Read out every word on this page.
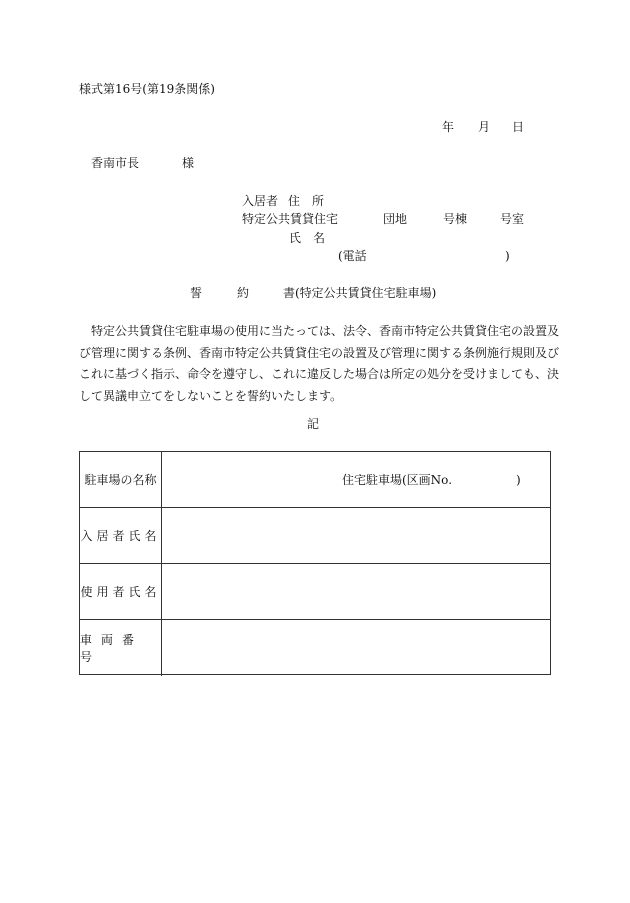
様式第16号(第19条関係)
年 月 日
香南市長	様
入居者 住　所
特定公共賃貸住宅	団地	号棟	号室
氏　名
(電話	)
誓	約	書(特定公共賃貸住宅駐車場)
特定公共賃貸住宅駐車場の使用に当たっては、法令、香南市特定公共賃貸住宅の設置及
び管理に関する条例、香南市特定公共賃貸住宅の設置及び管理に関する条例施行規則及び
これに基づく指示、命令を遵守し、これに違反した場合は所定の処分を受けましても、決
して異議申立てをしないことを誓約いたします。
記
駐車場の名称	住宅駐車場(区画No.	)
入居者氏名
使用者氏名
車両番号
